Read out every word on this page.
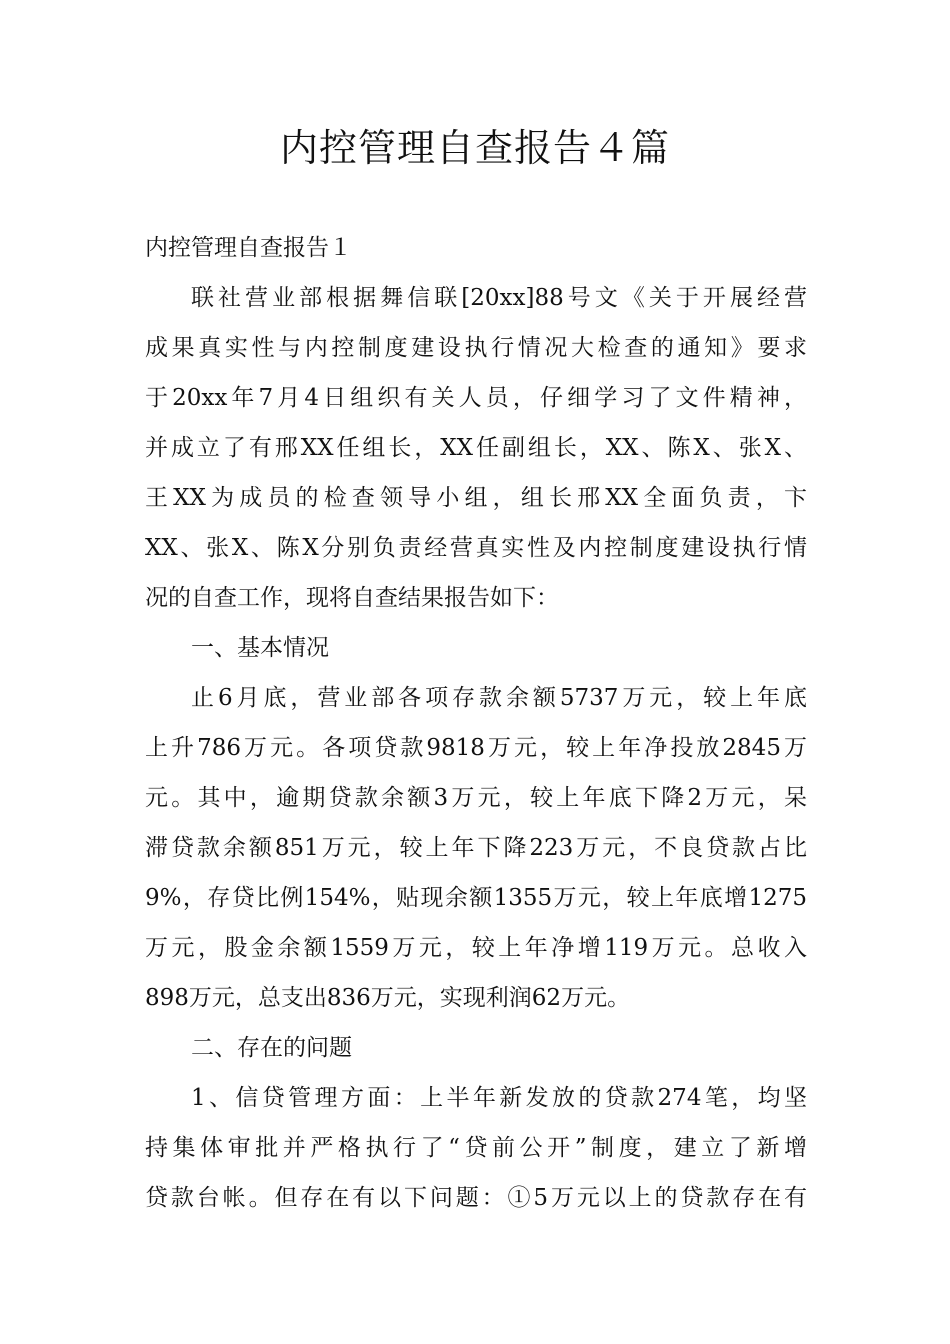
内控管理自查报告４篇
内控管理自查报告１
联社营业部根据舞信联[20xx]88号文《关于开展经营
成果真实性与内控制度建设执行情况大检查的通知》要求
于20xx年7月4日组织有关人员，仔细学习了文件精神，
并成立了有邢XX任组长，XX任副组长，XX、陈X、张X、
王XX为成员的检查领导小组，组长邢XX全面负责，卞
XX、张X、陈X分别负责经营真实性及内控制度建设执行情
况的自查工作，现将自查结果报告如下：
一、基本情况
止6月底，营业部各项存款余额5737万元，较上年底
上升786万元。各项贷款9818万元，较上年净投放2845万
元。其中，逾期贷款余额3万元，较上年底下降2万元，呆
滞贷款余额851万元，较上年下降223万元，不良贷款占比
9%，存贷比例154%，贴现余额1355万元，较上年底增1275
万元，股金余额1559万元，较上年净增119万元。总收入
898万元，总支出836万元，实现利润62万元。
二、存在的问题
1、信贷管理方面：上半年新发放的贷款274笔，均坚
持集体审批并严格执行了“贷前公开”制度，建立了新增
贷款台帐。但存在有以下问题：①5万元以上的贷款存在有
